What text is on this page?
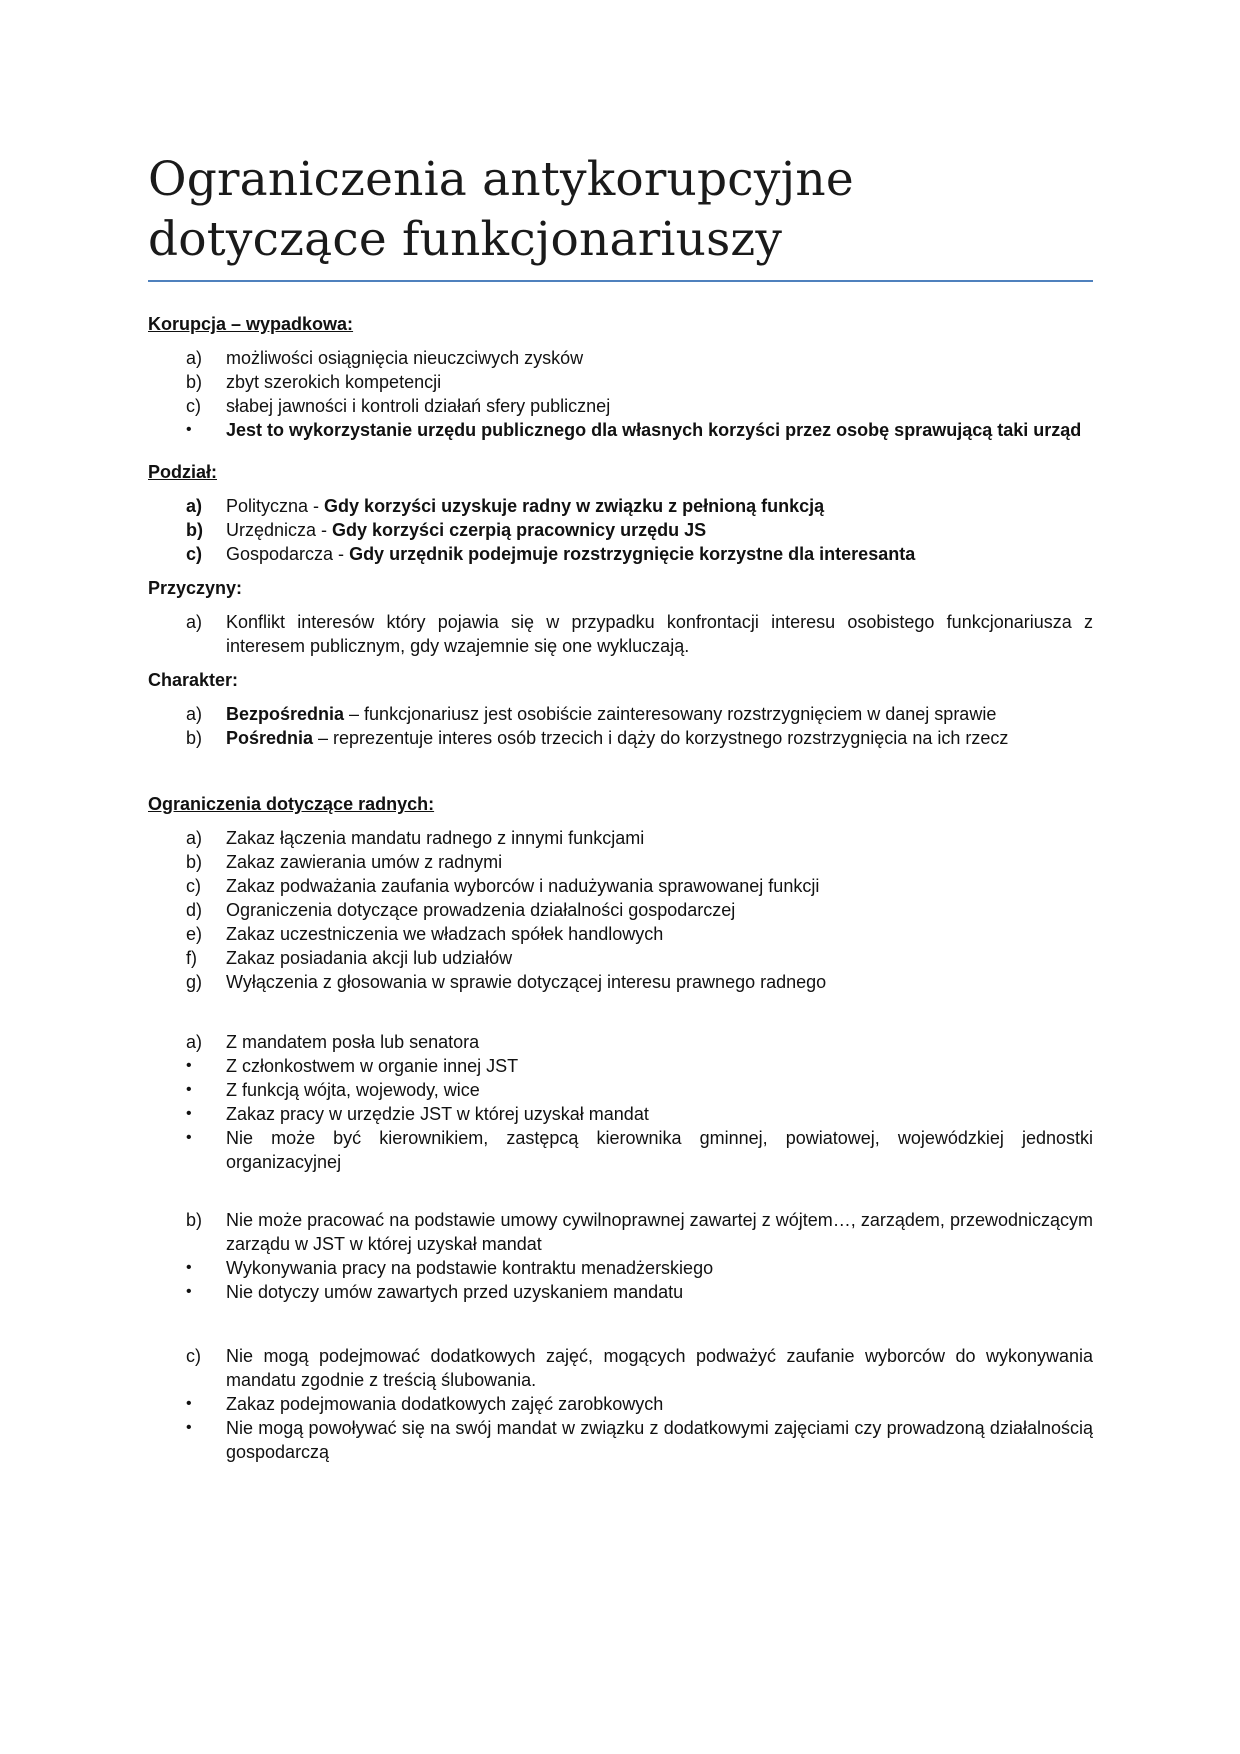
Ograniczenia antykorupcyjne dotyczące funkcjonariuszy

Korupcja – wypadkowa:

a)	możliwości osiągnięcia nieuczciwych zysków
b)	zbyt szerokich kompetencji
c)	słabej jawności i kontroli działań sfery publicznej
•	Jest to wykorzystanie urzędu publicznego dla własnych korzyści przez osobę sprawującą taki urząd

Podział:

a)	Polityczna - Gdy korzyści uzyskuje radny w związku z pełnioną funkcją
b)	Urzędnicza - Gdy korzyści czerpią pracownicy urzędu JS
c)	Gospodarcza - Gdy urzędnik podejmuje rozstrzygnięcie korzystne dla interesanta

Przyczyny:

a)	Konflikt interesów który pojawia się w przypadku konfrontacji interesu osobistego funkcjonariusza z interesem publicznym, gdy wzajemnie się one wykluczają.

Charakter:

a)	Bezpośrednia – funkcjonariusz jest osobiście zainteresowany rozstrzygnięciem w danej sprawie
b)	Pośrednia – reprezentuje interes osób trzecich i dąży do korzystnego rozstrzygnięcia na ich rzecz

Ograniczenia dotyczące radnych:

a)	Zakaz łączenia mandatu radnego z innymi funkcjami
b)	Zakaz zawierania umów z radnymi
c)	Zakaz podważania zaufania wyborców i nadużywania sprawowanej funkcji
d)	Ograniczenia dotyczące prowadzenia działalności gospodarczej
e)	Zakaz uczestniczenia we władzach spółek handlowych
f)	Zakaz posiadania akcji lub udziałów
g)	Wyłączenia z głosowania w sprawie dotyczącej interesu prawnego radnego
a)	Z mandatem posła lub senatora
•	Z członkostwem w organie innej JST
•	Z funkcją wójta, wojewody, wice
•	Zakaz pracy w urzędzie JST w której uzyskał mandat
•	Nie może być kierownikiem, zastępcą kierownika gminnej, powiatowej, wojewódzkiej jednostki organizacyjnej
b)	Nie może pracować na podstawie umowy cywilnoprawnej zawartej z wójtem…, zarządem, przewodniczącym zarządu w JST w której uzyskał mandat
•	Wykonywania pracy na podstawie kontraktu menadżerskiego
•	Nie dotyczy umów zawartych przed uzyskaniem mandatu
c)	Nie mogą podejmować dodatkowych zajęć, mogących podważyć zaufanie wyborców do wykonywania mandatu zgodnie z treścią ślubowania.
•	Zakaz podejmowania dodatkowych zajęć zarobkowych
•	Nie mogą powoływać się na swój mandat w związku z dodatkowymi zajęciami czy prowadzoną działalnością gospodarczą
